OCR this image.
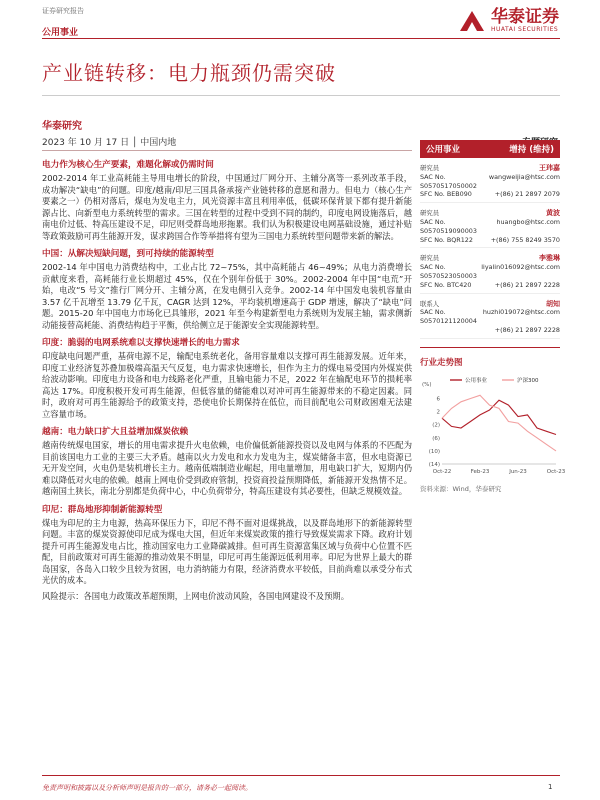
证券研究报告
公用事业
华泰证券
HUATAI SECURITIES
产业链转移：电力瓶颈仍需突破
华泰研究
2023 年 10 月 17 日 │ 中国内地
电力作为核心生产要素，难题化解或仍需时间

2002-2014 年工业高耗能主导用电增长的阶段，中国通过厂网分开、主辅分离等一系列改革手段，成功解决“缺电”的问题。印度/越南/印尼三国具备承接产业链转移的意愿和潜力。但电力（核心生产要素之一）仍相对落后，煤电为发电主力，风光资源丰富且利用率低，低碳环保背景下都有提升新能源占比、向新型电力系统转型的需求。三国在转型的过程中受到不同的制约，印度电网设施落后，越南电价过低、特高压建设不足，印尼则受群岛地形拖累。我们认为积极建设电网基础设施，通过补贴等政策鼓励可再生能源开发，谋求跨国合作等举措将有望为三国电力系统转型问题带来新的解法。

中国：从解决短缺问题，到可持续的能源转型

2002-14 年中国电力消费结构中，工业占比 72~75%，其中高耗能占 46~49%；从电力消费增长贡献度来看，高耗能行业长期超过 45%，仅在个别年份低于 30%。2002-2004 年中国“电荒”开始，电改“5 号文”推行厂网分开、主辅分离，在发电侧引入竞争。2002-14 年中国发电装机容量由 3.57 亿千瓦增至 13.79 亿千瓦，CAGR 达到 12%，平均装机增速高于 GDP 增速，解决了“缺电”问题。2015-20 年中国电力市场化已具雏形，2021 年至今构建新型电力系统则为发展主轴，需求侧新动能接替高耗能、消费结构趋于平衡，供给侧立足于能源安全实现能源转型。

印度：脆弱的电网系统难以支撑快速增长的电力需求

印度缺电问题严重，基荷电源不足，输配电系统老化，备用容量难以支撑可再生能源发展。近年来，印度工业经济复苏叠加极端高温天气反复，电力需求快速增长，但作为主力的煤电易受国内外煤炭供给波动影响。印度电力设备和电力线路老化严重，且输电能力不足，2022 年在输配电环节的损耗率高达 17%。印度积极开发可再生能源，但低容量的储能难以对冲可再生能源带来的不稳定因素。同时，政府对可再生能源给予的政策支持，恐使电价长期保持在低位，而目前配电公司财政困难无法建立容量市场。

越南：电力缺口扩大且益增加煤炭依赖

越南传统煤电国家，增长的用电需求提升火电依赖，电价偏低新能源投资以及电网与体系的不匹配为目前该国电力工业的主要三大矛盾。越南以火力发电和水力发电为主，煤炭储备丰富，但水电资源已无开发空间，火电仍是装机增长主力。越南低端制造业崛起，用电量增加，用电缺口扩大，短期内仍难以降低对火电的依赖。越南上网电价受到政府管制，投资商投益预期降低，新能源开发热情不足。越南国土狭长，南北分别都是负荷中心，中心负荷带分，特高压建设有其必要性，但缺乏规模效益。

印尼：群岛地形抑制新能源转型

煤电为印尼的主力电源，热高环保压力下，印尼不得不面对退煤挑战，以及群岛地形下的新能源转型问题。丰富的煤炭资源使印尼成为煤电大国，但近年来煤炭政策的推行导致煤炭需求下降。政府计划提升可再生能源发电占比，推动国家电力工业降碳减排。但可再生资源富集区域与负荷中心位置不匹配，目前政策对可再生能源的推动效果不明显，印尼可再生能源远低利用率。印尼为世界上最大的群岛国家，各岛入口较少且较为贫困，电力消纳能力有限，经济消费水平较低，目前尚难以承受分布式光伏的成本。

风险提示：各国电力政策改革超预期，上网电价波动风险，各国电网建设不及预期。

公用事业	增持 (维持)
研究员	王玮嘉
SAC No. S0570517050002
wangweijia@htsc.com
SFC No. BEB090	+(86) 21 2897 2079
研究员	黄波
SAC No. S0570519090003
huangbo@htsc.com
SFC No. BQR122	+(86) 755 8249 3570
研究员	李雅琳
SAC No. S0570523050003
liyalin016092@htsc.com
SFC No. BTC420	+(86) 21 2897 2228
联系人	胡知
SAC No. S0570121120004
huzhi019072@htsc.com
+(86) 21 2897 2228
行业走势图
(%)
6
2
(2)
(6)
(10)
(14)
Oct-22	Feb-23	Jun-23	Oct-23
公用事业	沪深300
资料来源：Wind，华泰研究
免责声明和披露以及分析师声明是报告的一部分，请务必一起阅读。	1
